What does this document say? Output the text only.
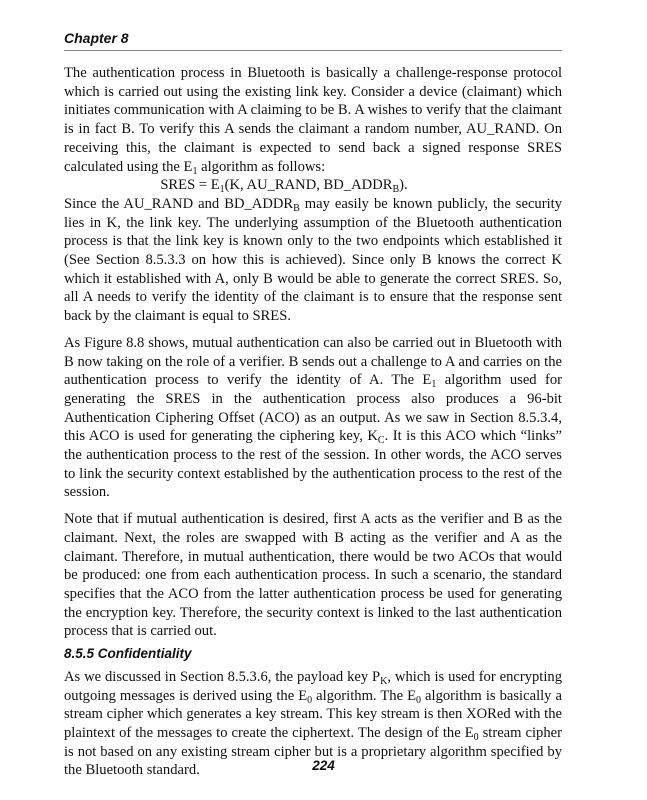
Chapter 8

The authentication process in Bluetooth is basically a challenge-response protocol which is carried out using the existing link key. Consider a device (claimant) which initiates communication with A claiming to be B. A wishes to verify that the claimant is in fact B. To verify this A sends the claimant a random number, AU_RAND. On receiving this, the claimant is expected to send back a signed response SRES calculated using the $E_1$ algorithm as follows:

SRES = $E_1(K$, AU_RAND, $BD\_ADDR_B$).

Since the AU_RAND and $BD\_ADDR_B$ may easily be known publicly, the security lies in K, the link key. The underlying assumption of the Bluetooth authentication process is that the link key is known only to the two endpoints which established it (See Section 8.5.3.3 on how this is achieved). Since only B knows the correct K which it established with A, only B would be able to generate the correct SRES. So, all A needs to verify the identity of the claimant is to ensure that the response sent back by the claimant is equal to SRES.

As Figure 8.8 shows, mutual authentication can also be carried out in Bluetooth with B now taking on the role of a verifier. B sends out a challenge to A and carries on the authentication process to verify the identity of A. The $E_1$ algorithm used for generating the SRES in the authentication process also produces a 96-bit Authentication Ciphering Offset (ACO) as an output. As we saw in Section 8.5.3.4, this ACO is used for generating the ciphering key, $K_C$. It is this ACO which “links” the authentication process to the rest of the session. In other words, the ACO serves to link the security context established by the authentication process to the rest of the session.

Note that if mutual authentication is desired, first A acts as the verifier and B as the claimant. Next, the roles are swapped with B acting as the verifier and A as the claimant. Therefore, in mutual authentication, there would be two ACOs that would be produced: one from each authentication process. In such a scenario, the standard specifies that the ACO from the latter authentication process be used for generating the encryption key. Therefore, the security context is linked to the last authentication process that is carried out.

8.5.5 Confidentiality

As we discussed in Section 8.5.3.6, the payload key $P_K$, which is used for encrypting outgoing messages is derived using the $E_0$ algorithm. The $E_0$ algorithm is basically a stream cipher which generates a key stream. This key stream is then XORed with the plaintext of the messages to create the ciphertext. The design of the $E_0$ stream cipher is not based on any existing stream cipher but is a proprietary algorithm specified by the Bluetooth standard.	224
